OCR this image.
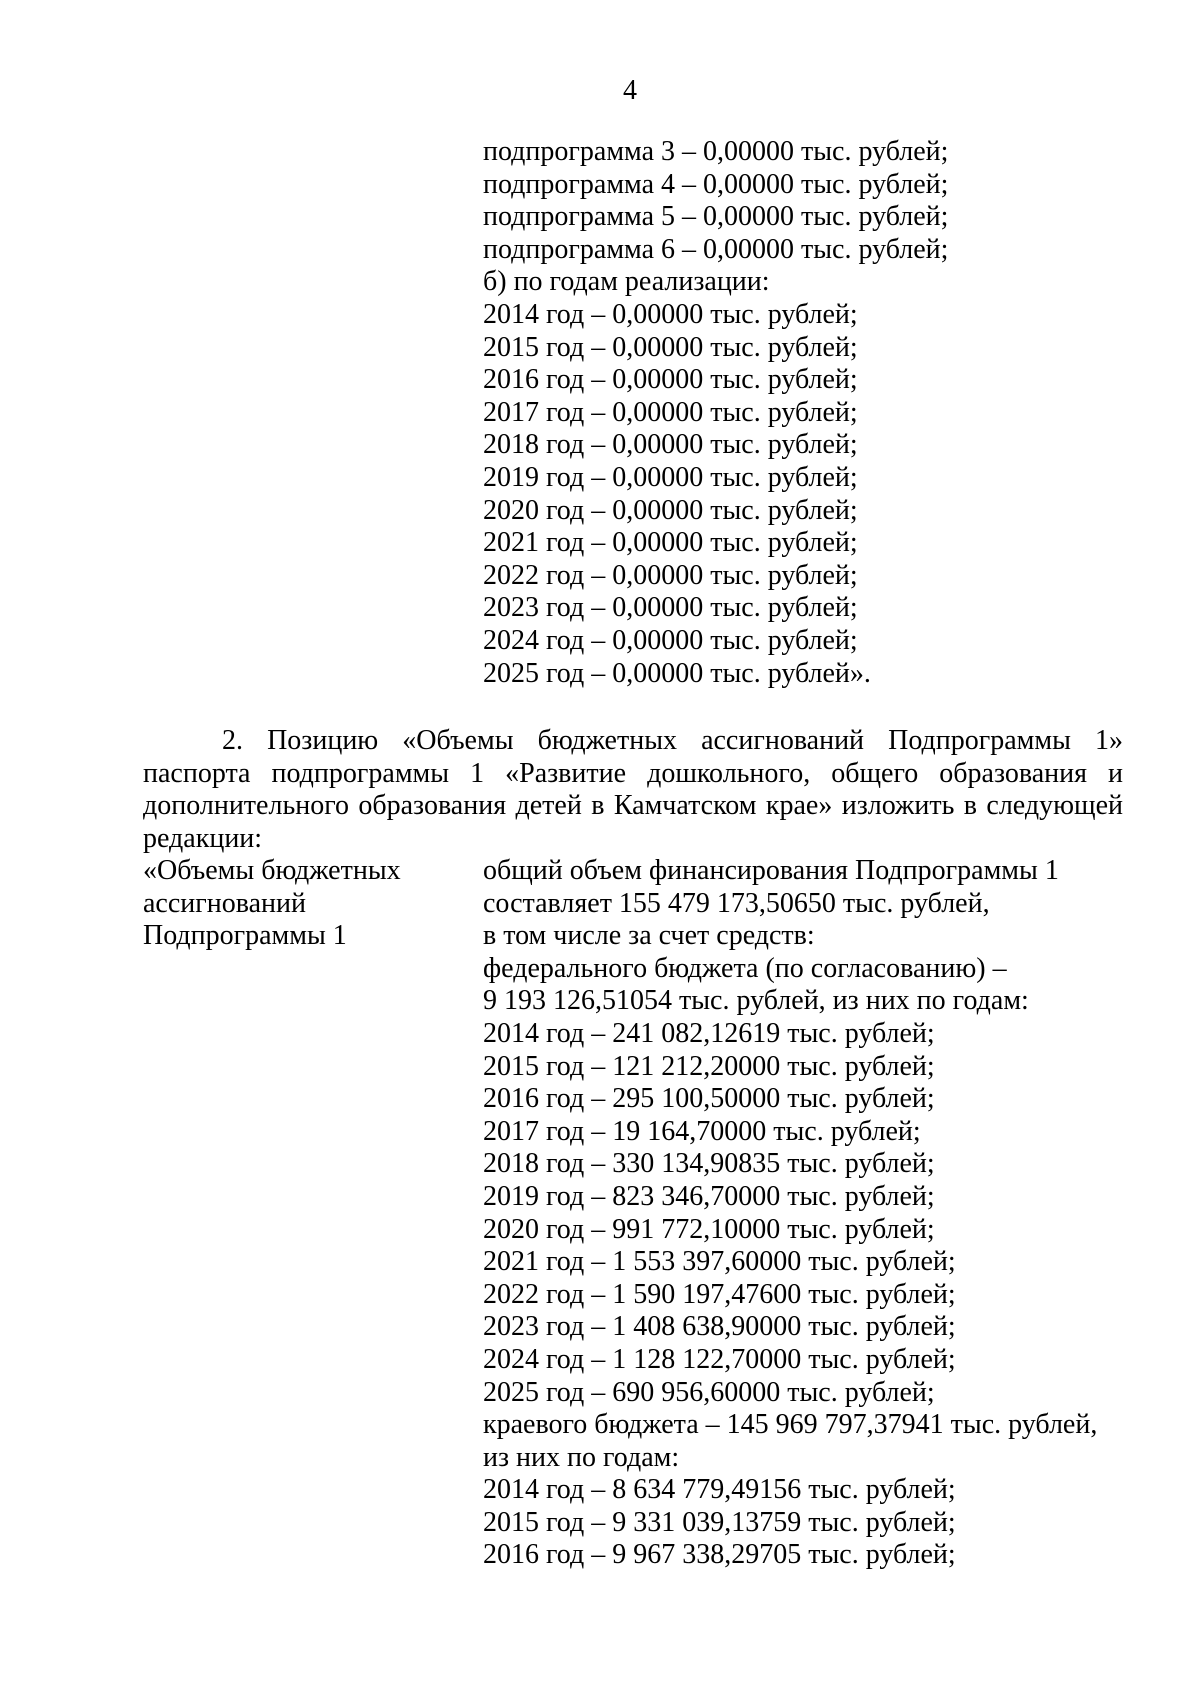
4
подпрограмма 3 – 0,00000 тыс. рублей;
подпрограмма 4 – 0,00000 тыс. рублей;
подпрограмма 5 – 0,00000 тыс. рублей;
подпрограмма 6 – 0,00000 тыс. рублей;
б) по годам реализации:
2014 год – 0,00000 тыс. рублей;
2015 год – 0,00000 тыс. рублей;
2016 год – 0,00000 тыс. рублей;
2017 год – 0,00000 тыс. рублей;
2018 год – 0,00000 тыс. рублей;
2019 год – 0,00000 тыс. рублей;
2020 год – 0,00000 тыс. рублей;
2021 год – 0,00000 тыс. рублей;
2022 год – 0,00000 тыс. рублей;
2023 год – 0,00000 тыс. рублей;
2024 год – 0,00000 тыс. рублей;
2025 год – 0,00000 тыс. рублей».
2. Позицию «Объемы бюджетных ассигнований Подпрограммы 1»
паспорта подпрограммы 1 «Развитие дошкольного, общего образования и
дополнительного образования детей в Камчатском крае» изложить в следующей
редакции:
«Объемы бюджетных
ассигнований
Подпрограммы 1
общий объем финансирования Подпрограммы 1
составляет 155 479 173,50650 тыс. рублей,
в том числе за счет средств:
федерального бюджета (по согласованию) –
9 193 126,51054 тыс. рублей, из них по годам:
2014 год – 241 082,12619 тыс. рублей;
2015 год – 121 212,20000 тыс. рублей;
2016 год – 295 100,50000 тыс. рублей;
2017 год – 19 164,70000 тыс. рублей;
2018 год – 330 134,90835 тыс. рублей;
2019 год – 823 346,70000 тыс. рублей;
2020 год – 991 772,10000 тыс. рублей;
2021 год – 1 553 397,60000 тыс. рублей;
2022 год – 1 590 197,47600 тыс. рублей;
2023 год – 1 408 638,90000 тыс. рублей;
2024 год – 1 128 122,70000 тыс. рублей;
2025 год – 690 956,60000 тыс. рублей;
краевого бюджета – 145 969 797,37941 тыс. рублей,
из них по годам:
2014 год – 8 634 779,49156 тыс. рублей;
2015 год – 9 331 039,13759 тыс. рублей;
2016 год – 9 967 338,29705 тыс. рублей;
